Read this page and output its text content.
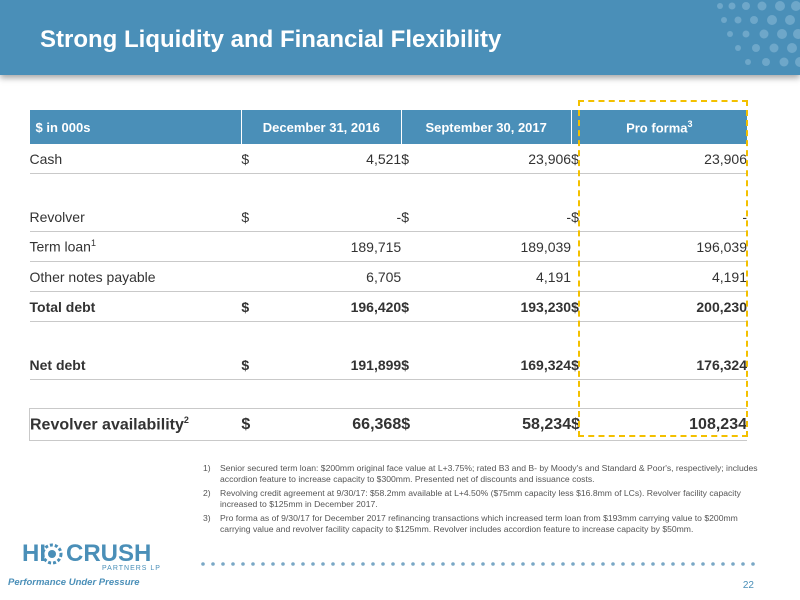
Strong Liquidity and Financial Flexibility
$ in 000s	December 31, 2016		September 30, 2017		Pro forma$^3$
Cash	$	4,521	$	23,906	$	23,906

Revolver	$	-	$	-	$	-
Term loan$^1$		189,715		189,039		196,039
Other notes payable		6,705		4,191		4,191
Total debt	$	196,420	$	193,230	$	200,230

Net debt	$	191,899	$	169,324	$	176,324

Revolver availability$^2$	$	66,368	$	58,234	$	108,234
1)	Senior secured term loan: $200mm original face value at L+3.75%; rated B3 and B- by Moody's and Standard & Poor's, respectively; includes accordion feature to increase capacity to $300mm. Presented net of discounts and issuance costs.
2)	Revolving credit agreement at 9/30/17: $58.2mm available at L+4.50% ($75mm capacity less $16.8mm of LCs). Revolver facility capacity increased to $125mm in December 2017.
3)	Pro forma as of 9/30/17 for December 2017 refinancing transactions which increased term loan from $193mm carrying value to $200mm carrying value and revolver facility capacity to $125mm. Revolver includes accordion feature to increase capacity by $50mm.
HI CRUSH
PARTNERS LP
Performance Under Pressure	22
